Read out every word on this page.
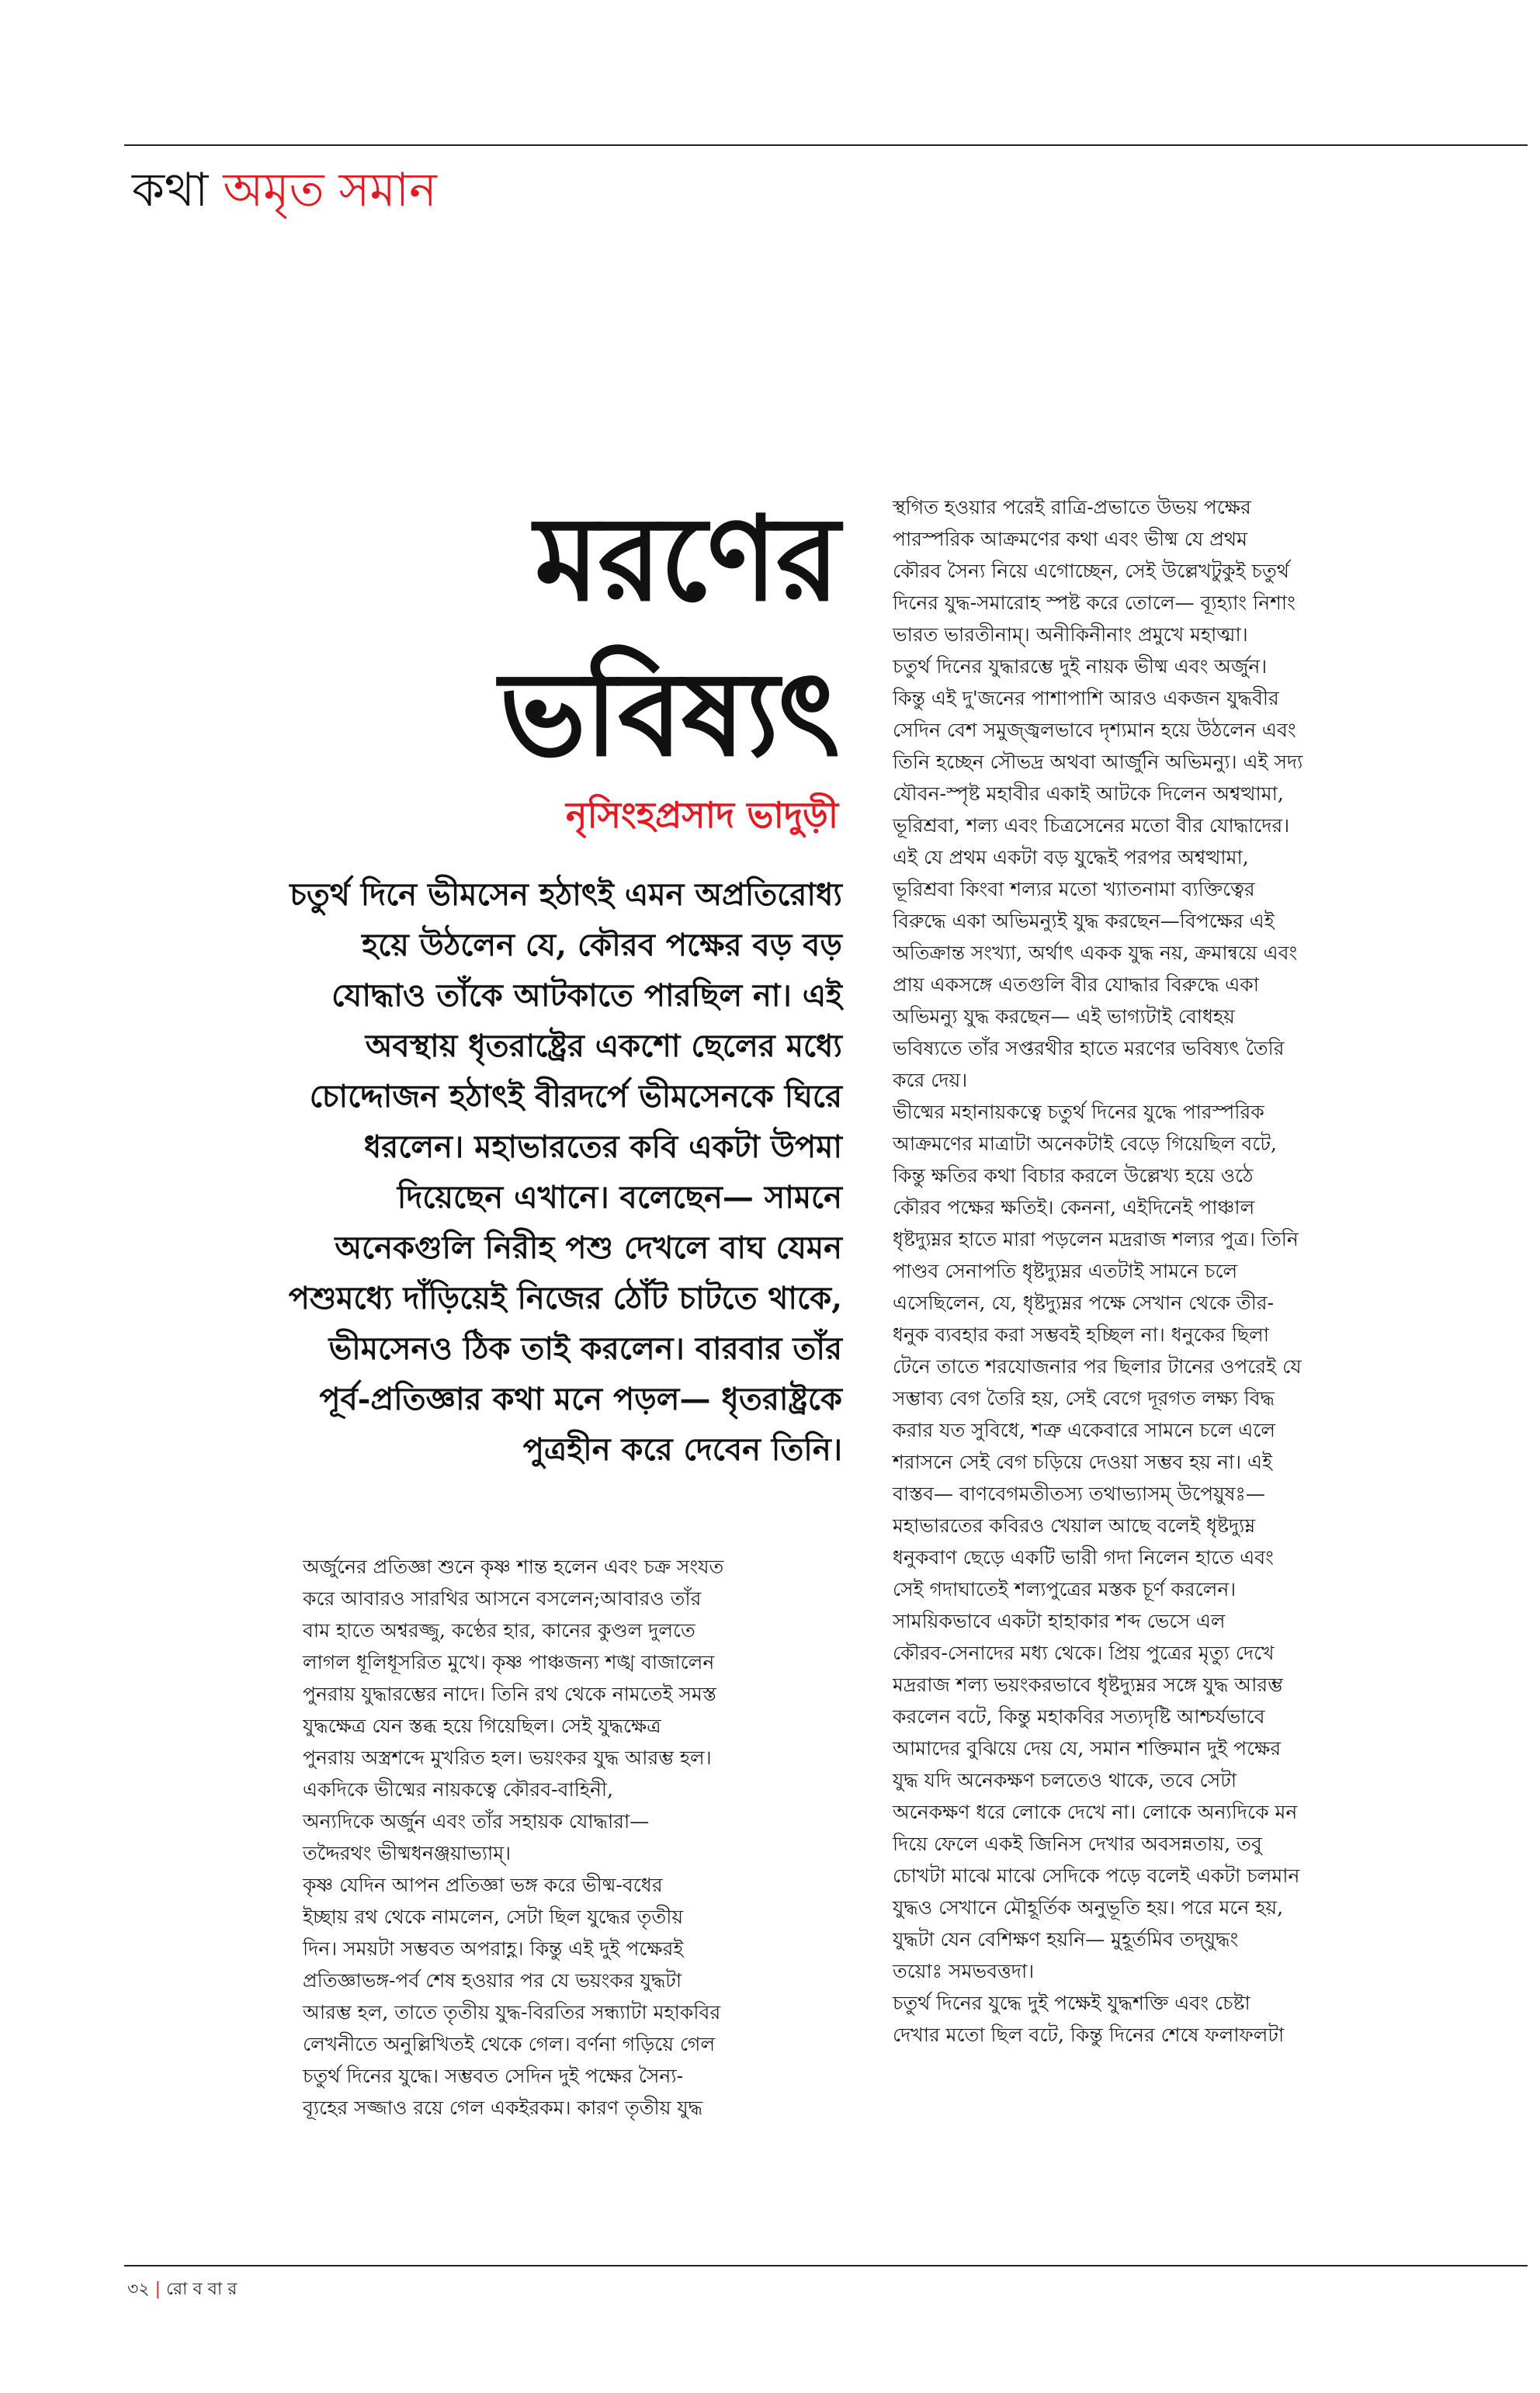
কথা অমৃত সমান
মরণের
ভবিষ্যৎ
নৃসিংহপ্রসাদ ভাদুড়ী
চতুর্থ দিনে ভীমসেন হঠাৎই এমন অপ্রতিরোধ্য
হয়ে উঠলেন যে, কৌরব পক্ষের বড় বড়
যোদ্ধাও তাঁকে আটকাতে পারছিল না। এই
অবস্থায় ধৃতরাষ্ট্রের একশো ছেলের মধ্যে
চোদ্দোজন হঠাৎই বীরদর্পে ভীমসেনকে ঘিরে
ধরলেন। মহাভারতের কবি একটা উপমা
দিয়েছেন এখানে। বলেছেন— সামনে
অনেকগুলি নিরীহ পশু দেখলে বাঘ যেমন
পশুমধ্যে দাঁড়িয়েই নিজের ঠোঁট চাটতে থাকে,
ভীমসেনও ঠিক তাই করলেন। বারবার তাঁর
পূর্ব-প্রতিজ্ঞার কথা মনে পড়ল— ধৃতরাষ্ট্রকে
পুত্রহীন করে দেবেন তিনি।
অর্জুনের প্রতিজ্ঞা শুনে কৃষ্ণ শান্ত হলেন এবং চক্র সংযত
করে আবারও সারথির আসনে বসলেন;আবারও তাঁর
বাম হাতে অশ্বরজ্জু, কণ্ঠের হার, কানের কুণ্ডল দুলতে
লাগল ধূলিধূসরিত মুখে। কৃষ্ণ পাঞ্চজন্য শঙ্খ বাজালেন
পুনরায় যুদ্ধারম্ভের নাদে। তিনি রথ থেকে নামতেই সমস্ত
যুদ্ধক্ষেত্র যেন স্তব্ধ হয়ে গিয়েছিল। সেই যুদ্ধক্ষেত্র
পুনরায় অস্ত্রশব্দে মুখরিত হল। ভয়ংকর যুদ্ধ আরম্ভ হল।
একদিকে ভীষ্মের নায়কত্বে কৌরব-বাহিনী,
অন্যদিকে অর্জুন এবং তাঁর সহায়ক যোদ্ধারা—
তদ্দৈরথং ভীষ্মধনঞ্জয়াভ্যাম্।
কৃষ্ণ যেদিন আপন প্রতিজ্ঞা ভঙ্গ করে ভীষ্ম-বধের
ইচ্ছায় রথ থেকে নামলেন, সেটা ছিল যুদ্ধের তৃতীয়
দিন। সময়টা সম্ভবত অপরাহ্ণ। কিন্তু এই দুই পক্ষেরই
প্রতিজ্ঞাভঙ্গ-পর্ব শেষ হওয়ার পর যে ভয়ংকর যুদ্ধটা
আরম্ভ হল, তাতে তৃতীয় যুদ্ধ-বিরতির সন্ধ্যাটা মহাকবির
লেখনীতে অনুল্লিখিতই থেকে গেল। বর্ণনা গড়িয়ে গেল
চতুর্থ দিনের যুদ্ধে। সম্ভবত সেদিন দুই পক্ষের সৈন্য-
ব্যূহের সজ্জাও রয়ে গেল একইরকম। কারণ তৃতীয় যুদ্ধ
স্থগিত হওয়ার পরেই রাত্রি-প্রভাতে উভয় পক্ষের
পারস্পরিক আক্রমণের কথা এবং ভীষ্ম যে প্রথম
কৌরব সৈন্য নিয়ে এগোচ্ছেন, সেই উল্লেখটুকুই চতুর্থ
দিনের যুদ্ধ-সমারোহ স্পষ্ট করে তোলে— ব্যূহ্যাং নিশাং
ভারত ভারতীনাম্। অনীকিনীনাং প্রমুখে মহাত্মা।
চতুর্থ দিনের যুদ্ধারম্ভে দুই নায়ক ভীষ্ম এবং অর্জুন।
কিন্তু এই দু'জনের পাশাপাশি আরও একজন যুদ্ধবীর
সেদিন বেশ সমুজ্জ্বলভাবে দৃশ্যমান হয়ে উঠলেন এবং
তিনি হচ্ছেন সৌভদ্র অথবা আর্জুনি অভিমন্যু। এই সদ্য
যৌবন-স্পৃষ্ট মহাবীর একাই আটকে দিলেন অশ্বত্থামা,
ভূরিশ্রবা, শল্য এবং চিত্রসেনের মতো বীর যোদ্ধাদের।
এই যে প্রথম একটা বড় যুদ্ধেই পরপর অশ্বত্থামা,
ভূরিশ্রবা কিংবা শল্যর মতো খ্যাতনামা ব্যক্তিত্বের
বিরুদ্ধে একা অভিমন্যুই যুদ্ধ করছেন—বিপক্ষের এই
অতিক্রান্ত সংখ্যা, অর্থাৎ একক যুদ্ধ নয়, ক্রমান্বয়ে এবং
প্রায় একসঙ্গে এতগুলি বীর যোদ্ধার বিরুদ্ধে একা
অভিমন্যু যুদ্ধ করছেন— এই ভাগ্যটাই বোধহয়
ভবিষ্যতে তাঁর সপ্তরথীর হাতে মরণের ভবিষ্যৎ তৈরি
করে দেয়।
ভীষ্মের মহানায়কত্বে চতুর্থ দিনের যুদ্ধে পারস্পরিক
আক্রমণের মাত্রাটা অনেকটাই বেড়ে গিয়েছিল বটে,
কিন্তু ক্ষতির কথা বিচার করলে উল্লেখ্য হয়ে ওঠে
কৌরব পক্ষের ক্ষতিই। কেননা, এইদিনেই পাঞ্চাল
ধৃষ্টদ্যুম্নর হাতে মারা পড়লেন মদ্ররাজ শল্যর পুত্র। তিনি
পাণ্ডব সেনাপতি ধৃষ্টদ্যুম্নর এতটাই সামনে চলে
এসেছিলেন, যে, ধৃষ্টদ্যুম্নর পক্ষে সেখান থেকে তীর-
ধনুক ব্যবহার করা সম্ভবই হচ্ছিল না। ধনুকের ছিলা
টেনে তাতে শরযোজনার পর ছিলার টানের ওপরেই যে
সম্ভাব্য বেগ তৈরি হয়, সেই বেগে দূরগত লক্ষ্য বিদ্ধ
করার যত সুবিধে, শত্রু একেবারে সামনে চলে এলে
শরাসনে সেই বেগ চড়িয়ে দেওয়া সম্ভব হয় না। এই
বাস্তব— বাণবেগমতীতস্য তথাভ্যাসম্ উপেয়ুষঃ—
মহাভারতের কবিরও খেয়াল আছে বলেই ধৃষ্টদ্যুম্ন
ধনুকবাণ ছেড়ে একটি ভারী গদা নিলেন হাতে এবং
সেই গদাঘাতেই শল্যপুত্রের মস্তক চূর্ণ করলেন।
সাময়িকভাবে একটা হাহাকার শব্দ ভেসে এল
কৌরব-সেনাদের মধ্য থেকে। প্রিয় পুত্রের মৃত্যু দেখে
মদ্ররাজ শল্য ভয়ংকরভাবে ধৃষ্টদ্যুম্নর সঙ্গে যুদ্ধ আরম্ভ
করলেন বটে, কিন্তু মহাকবির সত্যদৃষ্টি আশ্চর্যভাবে
আমাদের বুঝিয়ে দেয় যে, সমান শক্তিমান দুই পক্ষের
যুদ্ধ যদি অনেকক্ষণ চলতেও থাকে, তবে সেটা
অনেকক্ষণ ধরে লোকে দেখে না। লোকে অন্যদিকে মন
দিয়ে ফেলে একই জিনিস দেখার অবসন্নতায়, তবু
চোখটা মাঝে মাঝে সেদিকে পড়ে বলেই একটা চলমান
যুদ্ধও সেখানে মৌহূর্তিক অনুভূতি হয়। পরে মনে হয়,
যুদ্ধটা যেন বেশিক্ষণ হয়নি— মুহূর্তমিব তদ্‌যুদ্ধং
তয়োঃ সমভবত্তদা।
চতুর্থ দিনের যুদ্ধে দুই পক্ষেই যুদ্ধশক্তি এবং চেষ্টা
দেখার মতো ছিল বটে, কিন্তু দিনের শেষে ফলাফলটা
৩২ | রো ব বা র
